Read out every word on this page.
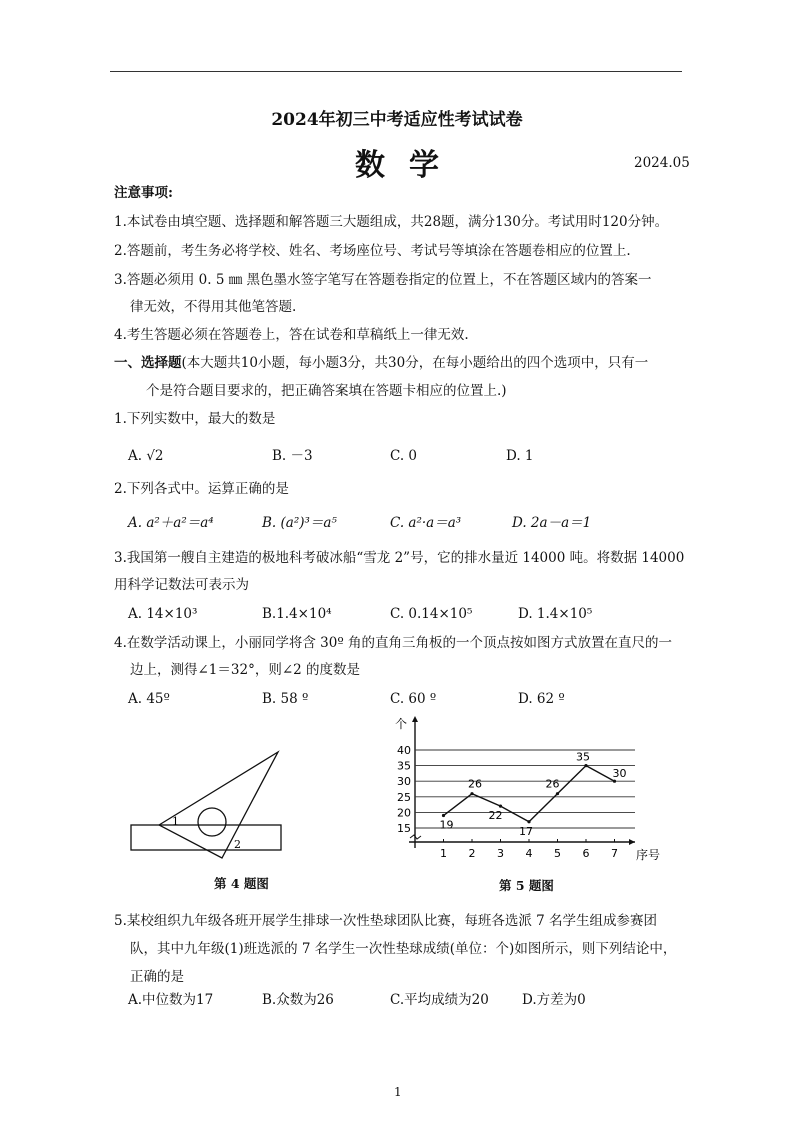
2024年初三中考适应性考试试卷
数学	2024.05
注意事项:
1.本试卷由填空题、选择题和解答题三大题组成，共28题，满分130分。考试用时120分钟。
2.答题前，考生务必将学校、姓名、考场座位号、考试号等填涂在答题卷相应的位置上.
3.答题必须用 0. 5 ㎜ 黑色墨水签字笔写在答题卷指定的位置上，不在答题区域内的答案一
律无效，不得用其他笔答题.
4.考生答题必须在答题卷上，答在试卷和草稿纸上一律无效.
一、选择题(本大题共10小题，每小题3分，共30分，在每小题给出的四个选项中，只有一
个是符合题目要求的，把正确答案填在答题卡相应的位置上.)
1.下列实数中，最大的数是
A. √2	B. －3	C. 0	D. 1
2.下列各式中。运算正确的是
A. a²＋a²＝a⁴	B. (a²)³＝a⁵	C. a²·a＝a³	D. 2a－a＝1
3.我国第一艘自主建造的极地科考破冰船“雪龙 2”号，它的排水量近 14000 吨。将数据 14000
用科学记数法可表示为
A. 14×10³	B.1.4×10⁴	C. 0.14×10⁵	D. 1.4×10⁵
4.在数学活动课上，小丽同学将含 30º 角的直角三角板的一个顶点按如图方式放置在直尺的一
边上，测得∠1＝32°，则∠2 的度数是
A. 45º	B. 58 º	C. 60 º	D. 62 º
1
2
第 4 题图
个
15
20
25
30
35
40
1 2 3 4 5 6 7 序号
19
26
22
17
26
35
30
第 5 题图
5.某校组织九年级各班开展学生排球一次性垫球团队比赛，每班各选派 7 名学生组成参赛团
队，其中九年级(1)班选派的 7 名学生一次性垫球成绩(单位：个)如图所示，则下列结论中，
正确的是
A.中位数为17	B.众数为26	C.平均成绩为20 D.方差为0
1
